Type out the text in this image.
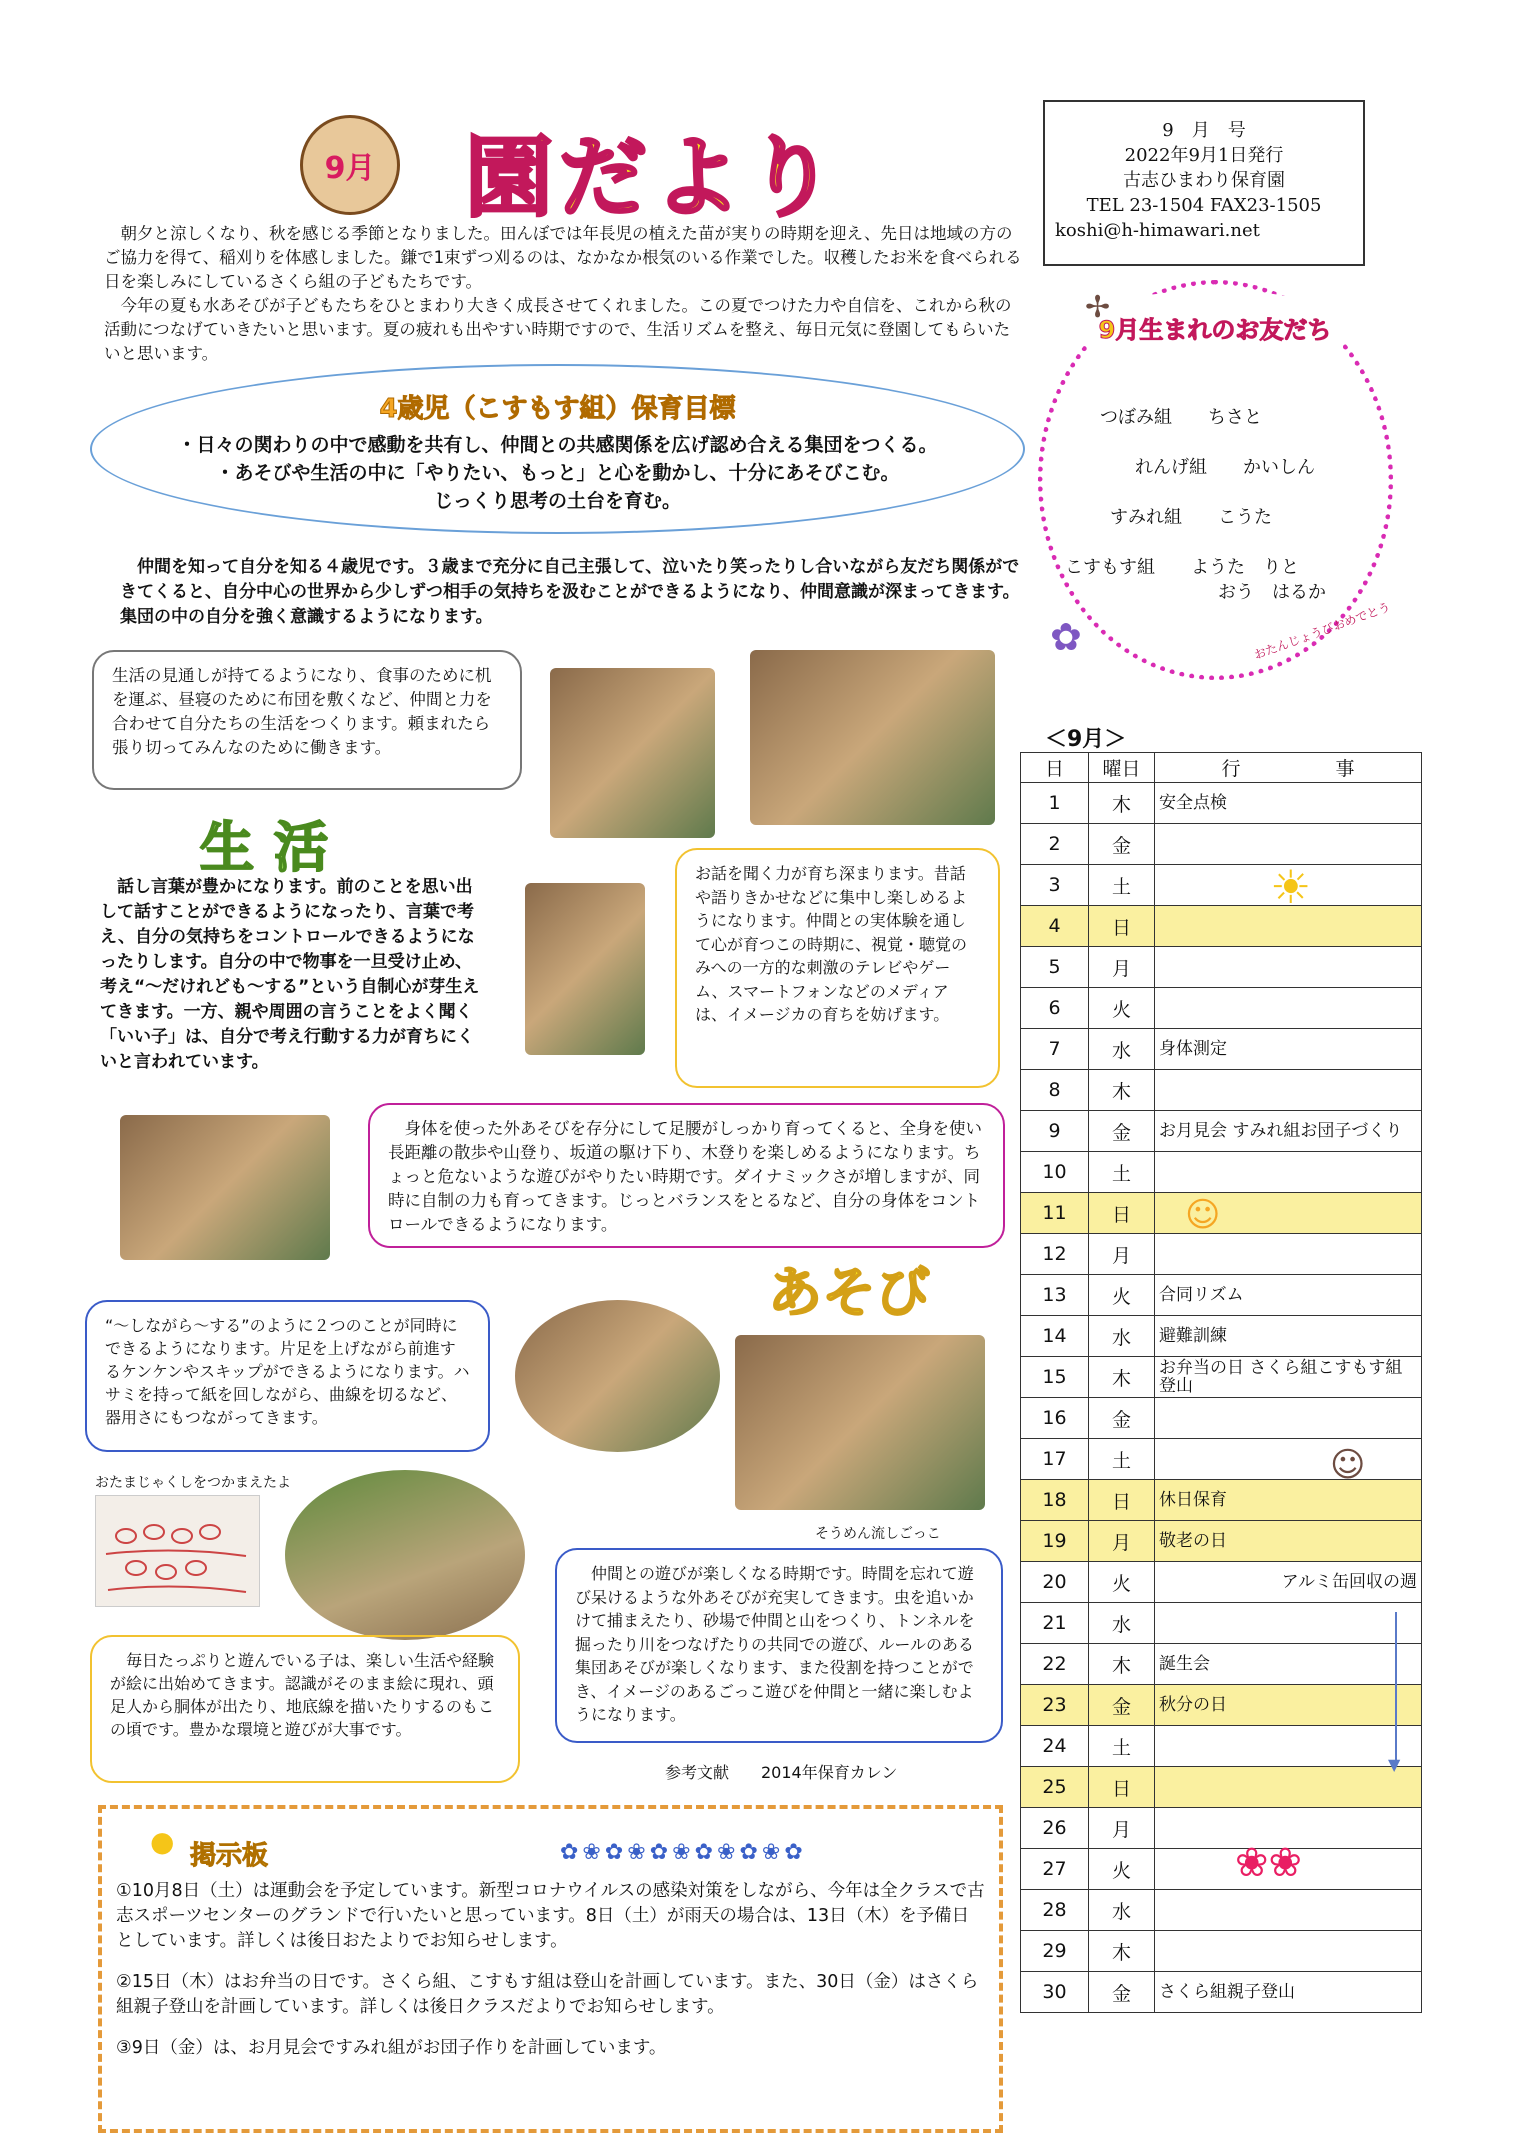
9月 園だより	9　月　号
2022年9月1日発行
古志ひまわり保育園
TEL 23-1504 FAX23-1505
koshi@h-himawari.net

朝夕と涼しくなり、秋を感じる季節となりました。田んぼでは年長児の植えた苗が実りの時期を迎え、先日は地域の方のご協力を得て、稲刈りを体感しました。鎌で1束ずつ刈るのは、なかなか根気のいる作業でした。収穫したお米を食べられる日を楽しみにしているさくら組の子どもたちです。

今年の夏も水あそびが子どもたちをひとまわり大きく成長させてくれました。この夏でつけた力や自信を、これから秋の活動につなげていきたいと思います。夏の疲れも出やすい時期ですので、生活リズムを整え、毎日元気に登園してもらいたいと思います。

4歳児（こすもす組）保育目標
・日々の関わりの中で感動を共有し、仲間との共感関係を広げ認め合える集団をつくる。
・あそびや生活の中に「やりたい、もっと」と心を動かし、十分にあそびこむ。
じっくり思考の土台を育む。
仲間を知って自分を知る４歳児です。３歳まで充分に自己主張して、泣いたり笑ったりし合いながら友だち関係ができてくると、自分中心の世界から少しずつ相手の気持ちを汲むことができるようになり、仲間意識が深まってきます。集団の中の自分を強く意識するようになります。
生活の見通しが持てるようになり、食事のために机を運ぶ、昼寝のために布団を敷くなど、仲間と力を合わせて自分たちの生活をつくります。頼まれたら張り切ってみんなのために働きます。
生活
話し言葉が豊かになります。前のことを思い出して話すことができるようになったり、言葉で考え、自分の気持ちをコントロールできるようになったりします。自分の中で物事を一旦受け止め、考え“〜だけれども〜する”という自制心が芽生えてきます。一方、親や周囲の言うことをよく聞く「いい子」は、自分で考え行動する力が育ちにくいと言われています。
お話を聞く力が育ち深まります。昔話や語りきかせなどに集中し楽しめるようになります。仲間との実体験を通して心が育つこの時期に、視覚・聴覚のみへの一方的な刺激のテレビやゲーム、スマートフォンなどのメディアは、イメージカの育ちを妨げます。
身体を使った外あそびを存分にして足腰がしっかり育ってくると、全身を使い長距離の散歩や山登り、坂道の駆け下り、木登りを楽しめるようになります。ちょっと危ないような遊びがやりたい時期です。ダイナミックさが増しますが、同時に自制の力も育ってきます。じっとバランスをとるなど、自分の身体をコントロールできるようになります。
あそび
“〜しながら〜する”のように２つのことが同時にできるようになります。片足を上げながら前進するケンケンやスキップができるようになります。ハサミを持って紙を回しながら、曲線を切るなど、器用さにもつながってきます。
おたまじゃくしをつかまえたよ
そうめん流しごっこ
毎日たっぷりと遊んでいる子は、楽しい生活や経験が絵に出始めてきます。認識がそのまま絵に現れ、頭足人から胴体が出たり、地底線を描いたりするのもこの頃です。豊かな環境と遊びが大事です。
仲間との遊びが楽しくなる時期です。時間を忘れて遊び呆けるような外あそびが充実してきます。虫を追いかけて捕まえたり、砂場で仲間と山をつくり、トンネルを掘ったり川をつなげたりの共同での遊び、ルールのある集団あそびが楽しくなります、また役割を持つことができ、イメージのあるごっこ遊びを仲間と一緒に楽しむようになります。
参考文献　　2014年保育カレン
9月生まれのお友だち
つぼみ組　　ちさと
れんげ組　　かいしん
すみれ組　　こうた
こすもす組　　ようた　りと
おう　はるか
おたんじょうびおめでとう
✿
✢
＜9月＞
日	曜日	行　　　　　事
1	木	安全点検
2	金	
3	土	
4	日	
5	月	
6	火	
7	水	身体測定
8	木	
9	金	お月見会 すみれ組お団子づくり
10	土	
11	日	
12	月	
13	火	合同リズム
14	水	避難訓練
15	木	お弁当の日 さくら組こすもす組登山
16	金	
17	土	
18	日	休日保育
19	月	敬老の日
20	火	アルミ缶回収の週
21	水	
22	木	誕生会
23	金	秋分の日
24	土	
25	日	
26	月	
27	火	
28	水	
29	木	
30	金	さくら組親子登山
▼
☀
☺
☺
❀❀

①10月8日（土）は運動会を予定しています。新型コロナウイルスの感染対策をしながら、今年は全クラスで古志スポーツセンターのグランドで行いたいと思っています。8日（土）が雨天の場合は、13日（木）を予備日としています。詳しくは後日おたよりでお知らせします。

②15日（木）はお弁当の日です。さくら組、こすもす組は登山を計画しています。また、30日（金）はさくら組親子登山を計画しています。詳しくは後日クラスだよりでお知らせします。

③9日（金）は、お月見会ですみれ組がお団子作りを計画しています。

● 掲示板	✿❀✿❀✿❀✿❀✿❀✿
